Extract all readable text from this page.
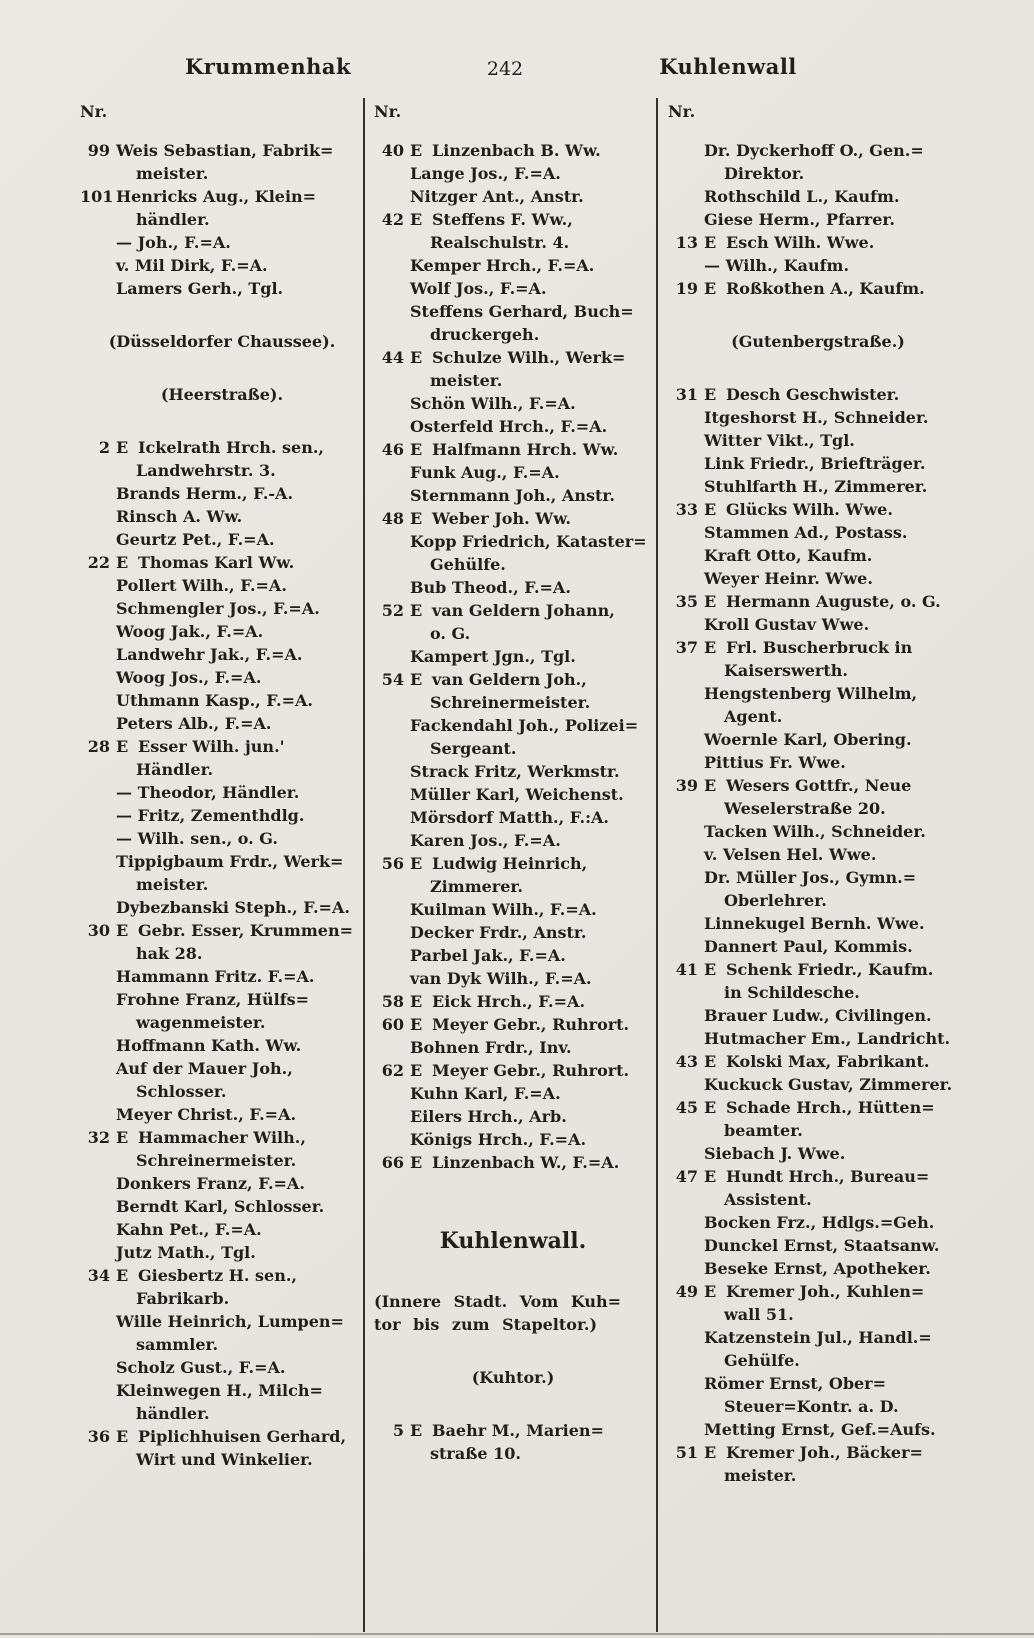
Krummenhak	242	Kuhlenwall
Nr.
99 Weis Sebastian, Fabrik=
meister.
101 Henricks Aug., Klein=
händler.
— Joh., F.=A.
v. Mil Dirk, F.=A.
Lamers Gerh., Tgl.
(Düsseldorfer Chaussee).
(Heerstraße).
2 E Ickelrath Hrch. sen.,
Landwehrstr. 3.
Brands Herm., F.-A.
Rinsch A. Ww.
Geurtz Pet., F.=A.
22 E Thomas Karl Ww.
Pollert Wilh., F.=A.
Schmengler Jos., F.=A.
Woog Jak., F.=A.
Landwehr Jak., F.=A.
Woog Jos., F.=A.
Uthmann Kasp., F.=A.
Peters Alb., F.=A.
28 E Esser Wilh. jun.'
Händler.
— Theodor, Händler.
— Fritz, Zementhdlg.
— Wilh. sen., o. G.
Tippigbaum Frdr., Werk=
meister.
Dybezbanski Steph., F.=A.
30 E Gebr. Esser, Krummen=
hak 28.
Hammann Fritz. F.=A.
Frohne Franz, Hülfs=
wagenmeister.
Hoffmann Kath. Ww.
Auf der Mauer Joh.,
Schlosser.
Meyer Christ., F.=A.
32 E Hammacher Wilh.,
Schreinermeister.
Donkers Franz, F.=A.
Berndt Karl, Schlosser.
Kahn Pet., F.=A.
Jutz Math., Tgl.
34 E Giesbertz H. sen.,
Fabrikarb.
Wille Heinrich, Lumpen=
sammler.
Scholz Gust., F.=A.
Kleinwegen H., Milch=
händler.
36 E Piplichhuisen Gerhard,
Wirt und Winkelier.
Nr.
40 E Linzenbach B. Ww.
Lange Jos., F.=A.
Nitzger Ant., Anstr.
42 E Steffens F. Ww.,
Realschulstr. 4.
Kemper Hrch., F.=A.
Wolf Jos., F.=A.
Steffens Gerhard, Buch=
druckergeh.
44 E Schulze Wilh., Werk=
meister.
Schön Wilh., F.=A.
Osterfeld Hrch., F.=A.
46 E Halfmann Hrch. Ww.
Funk Aug., F.=A.
Sternmann Joh., Anstr.
48 E Weber Joh. Ww.
Kopp Friedrich, Kataster=
Gehülfe.
Bub Theod., F.=A.
52 E van Geldern Johann,
o. G.
Kampert Jgn., Tgl.
54 E van Geldern Joh.,
Schreinermeister.
Fackendahl Joh., Polizei=
Sergeant.
Strack Fritz, Werkmstr.
Müller Karl, Weichenst.
Mörsdorf Matth., F.:A.
Karen Jos., F.=A.
56 E Ludwig Heinrich,
Zimmerer.
Kuilman Wilh., F.=A.
Decker Frdr., Anstr.
Parbel Jak., F.=A.
van Dyk Wilh., F.=A.
58 E Eick Hrch., F.=A.
60 E Meyer Gebr., Ruhrort.
Bohnen Frdr., Inv.
62 E Meyer Gebr., Ruhrort.
Kuhn Karl, F.=A.
Eilers Hrch., Arb.
Königs Hrch., F.=A.
66 E Linzenbach W., F.=A.
Kuhlenwall.
(Innere Stadt. Vom Kuh=
tor bis zum Stapeltor.)
(Kuhtor.)
5 E Baehr M., Marien=
straße 10.
Nr.
Dr. Dyckerhoff O., Gen.=
Direktor.
Rothschild L., Kaufm.
Giese Herm., Pfarrer.
13 E Esch Wilh. Wwe.
— Wilh., Kaufm.
19 E Roßkothen A., Kaufm.
(Gutenbergstraße.)
31 E Desch Geschwister.
Itgeshorst H., Schneider.
Witter Vikt., Tgl.
Link Friedr., Briefträger.
Stuhlfarth H., Zimmerer.
33 E Glücks Wilh. Wwe.
Stammen Ad., Postass.
Kraft Otto, Kaufm.
Weyer Heinr. Wwe.
35 E Hermann Auguste, o. G.
Kroll Gustav Wwe.
37 E Frl. Buscherbruck in
Kaiserswerth.
Hengstenberg Wilhelm,
Agent.
Woernle Karl, Obering.
Pittius Fr. Wwe.
39 E Wesers Gottfr., Neue
Weselerstraße 20.
Tacken Wilh., Schneider.
v. Velsen Hel. Wwe.
Dr. Müller Jos., Gymn.=
Oberlehrer.
Linnekugel Bernh. Wwe.
Dannert Paul, Kommis.
41 E Schenk Friedr., Kaufm.
in Schildesche.
Brauer Ludw., Civilingen.
Hutmacher Em., Landricht.
43 E Kolski Max, Fabrikant.
Kuckuck Gustav, Zimmerer.
45 E Schade Hrch., Hütten=
beamter.
Siebach J. Wwe.
47 E Hundt Hrch., Bureau=
Assistent.
Bocken Frz., Hdlgs.=Geh.
Dunckel Ernst, Staatsanw.
Beseke Ernst, Apotheker.
49 E Kremer Joh., Kuhlen=
wall 51.
Katzenstein Jul., Handl.=
Gehülfe.
Römer Ernst, Ober=
Steuer=Kontr. a. D.
Metting Ernst, Gef.=Aufs.
51 E Kremer Joh., Bäcker=
meister.
